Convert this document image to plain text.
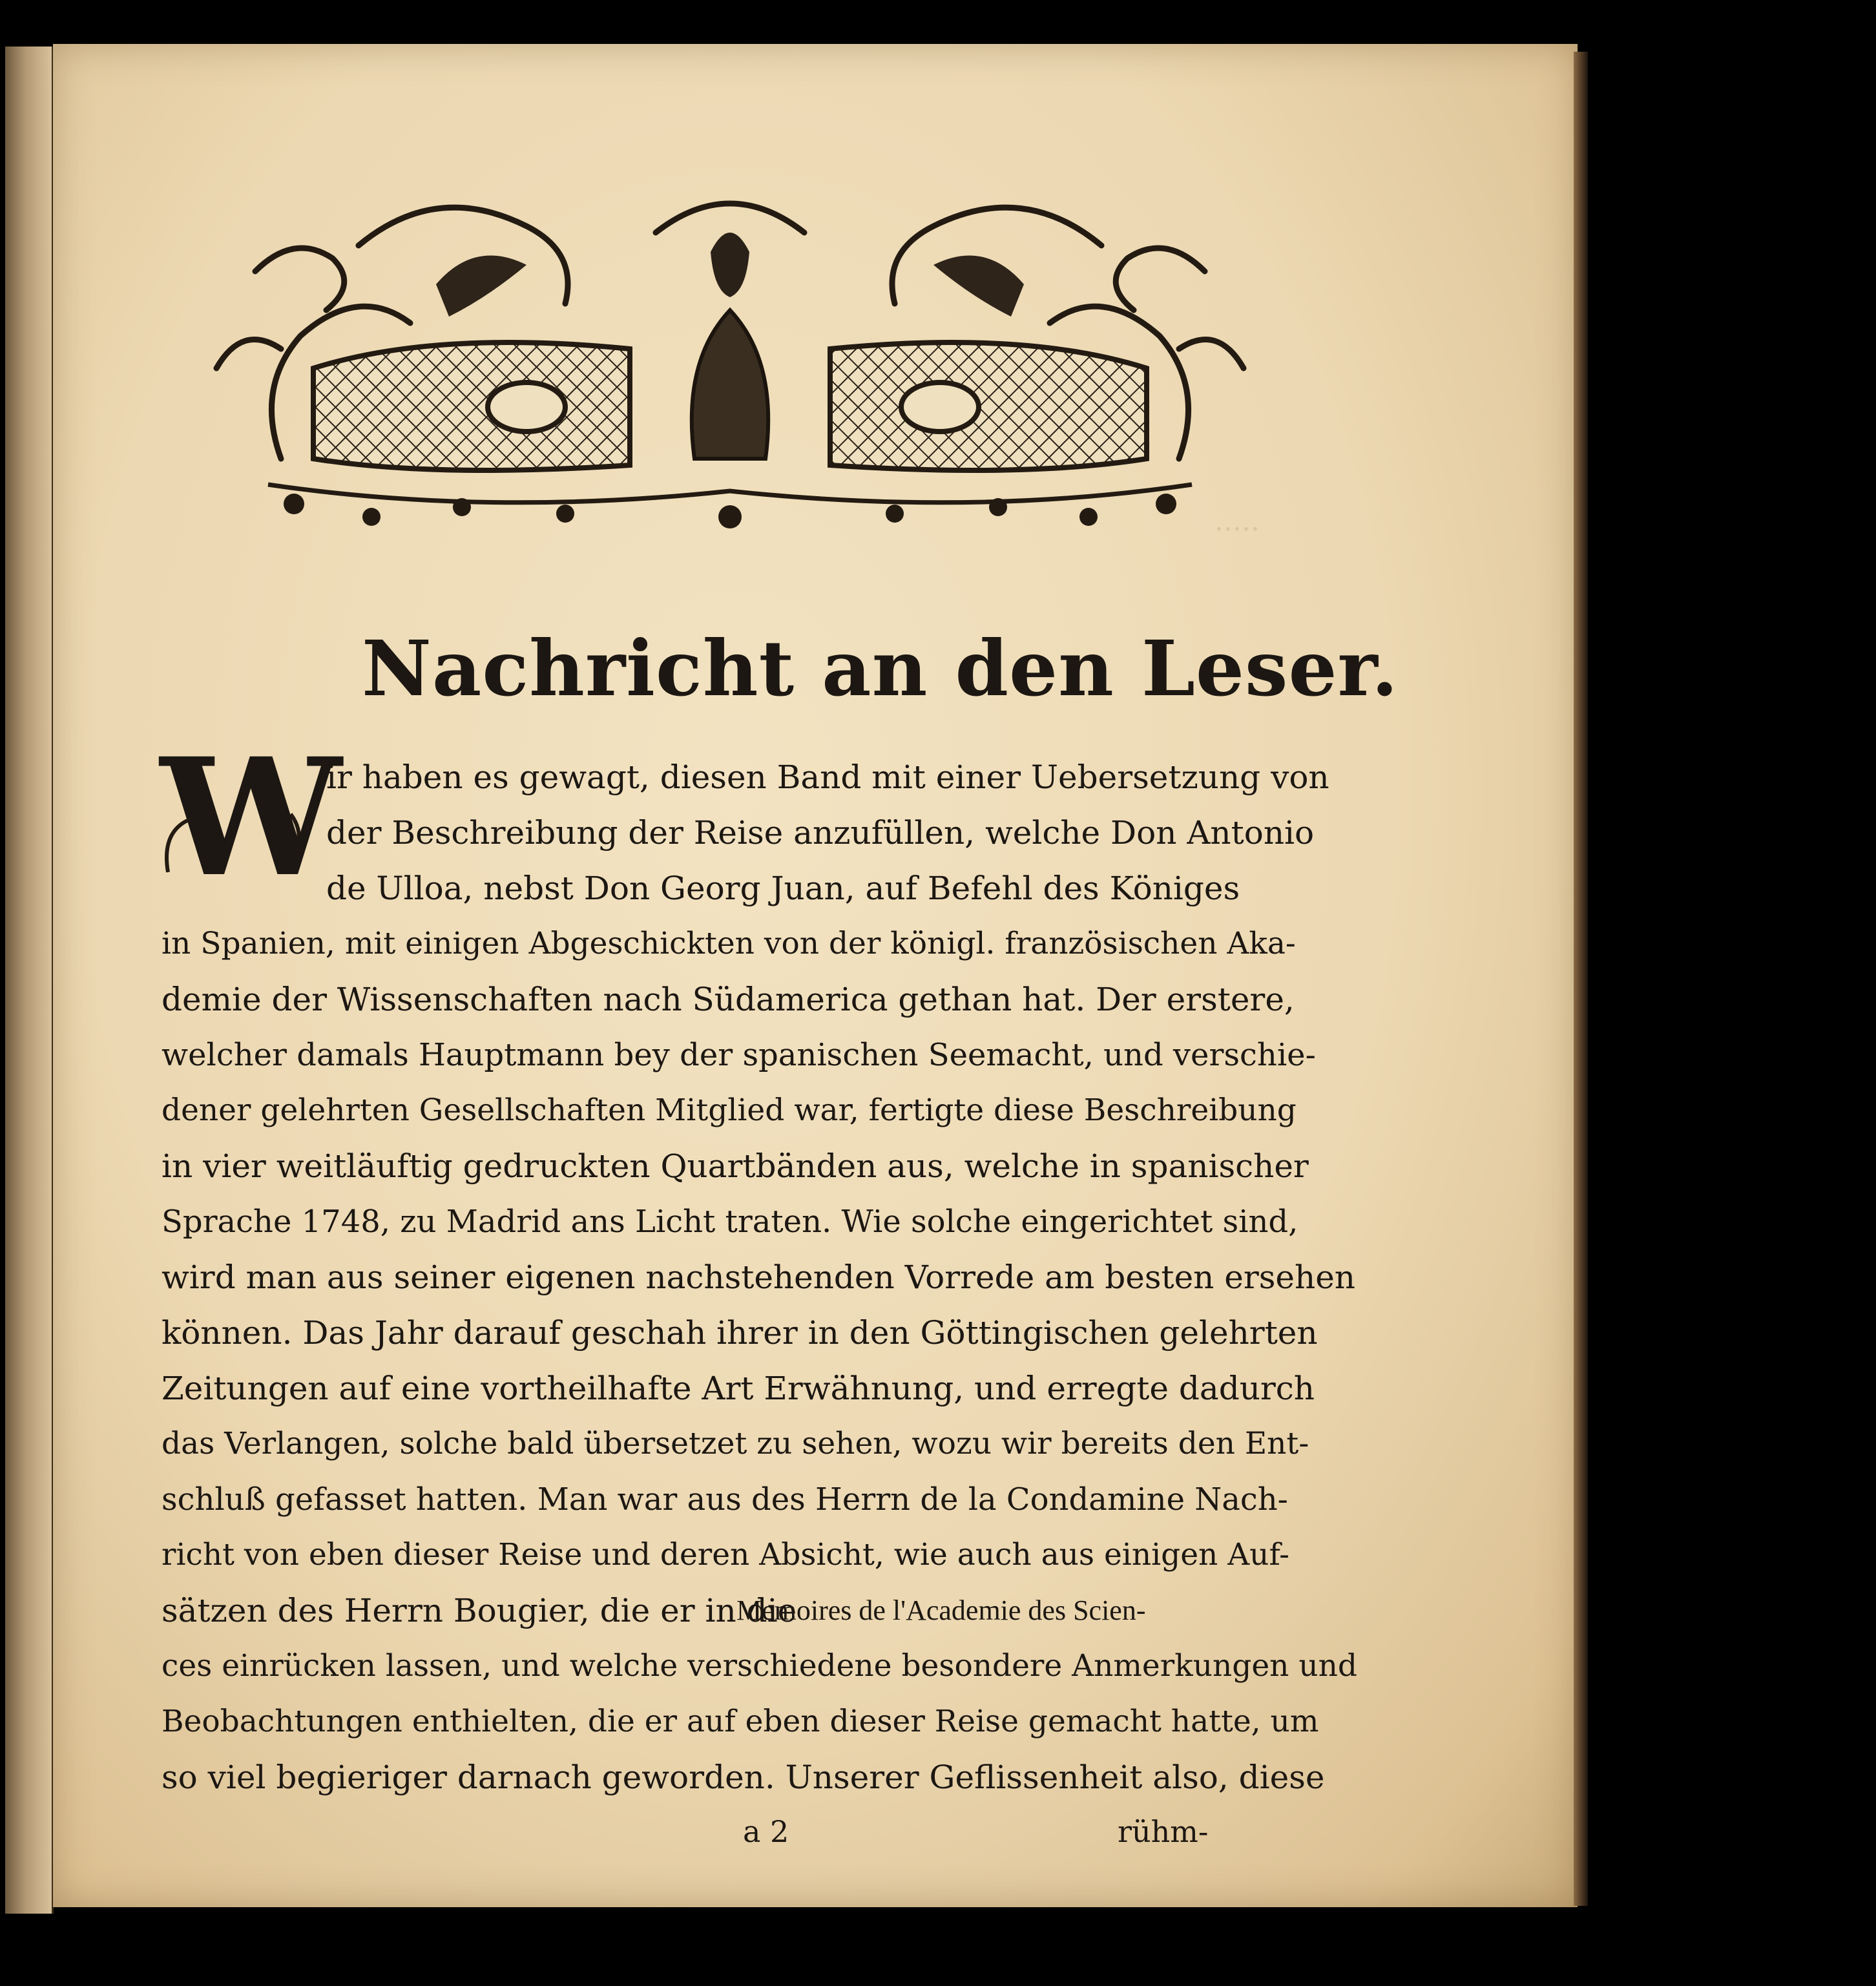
·····
Nachricht an den Leser.
W
ir haben es gewagt, diesen Band mit einer Uebersetzung von
der Beschreibung der Reise anzufüllen, welche Don Antonio
de Ulloa, nebst Don Georg Juan, auf Befehl des Königes
in Spanien, mit einigen Abgeschickten von der königl. französischen Aka-
demie der Wissenschaften nach Südamerica gethan hat. Der erstere,
welcher damals Hauptmann bey der spanischen Seemacht, und verschie-
dener gelehrten Gesellschaften Mitglied war, fertigte diese Beschreibung
in vier weitläuftig gedruckten Quartbänden aus, welche in spanischer
Sprache 1748, zu Madrid ans Licht traten. Wie solche eingerichtet sind,
wird man aus seiner eigenen nachstehenden Vorrede am besten ersehen
können. Das Jahr darauf geschah ihrer in den Göttingischen gelehrten
Zeitungen auf eine vortheilhafte Art Erwähnung, und erregte dadurch
das Verlangen, solche bald übersetzet zu sehen, wozu wir bereits den Ent-
schluß gefasset hatten. Man war aus des Herrn de la Condamine Nach-
richt von eben dieser Reise und deren Absicht, wie auch aus einigen Auf-
sätzen des Herrn Bougier, die er in die
Memoires de l'Academie des Scien-
ces einrücken lassen, und welche verschiedene besondere Anmerkungen und
Beobachtungen enthielten, die er auf eben dieser Reise gemacht hatte, um
so viel begieriger darnach geworden. Unserer Geflissenheit also, diese
a 2	rühm-
